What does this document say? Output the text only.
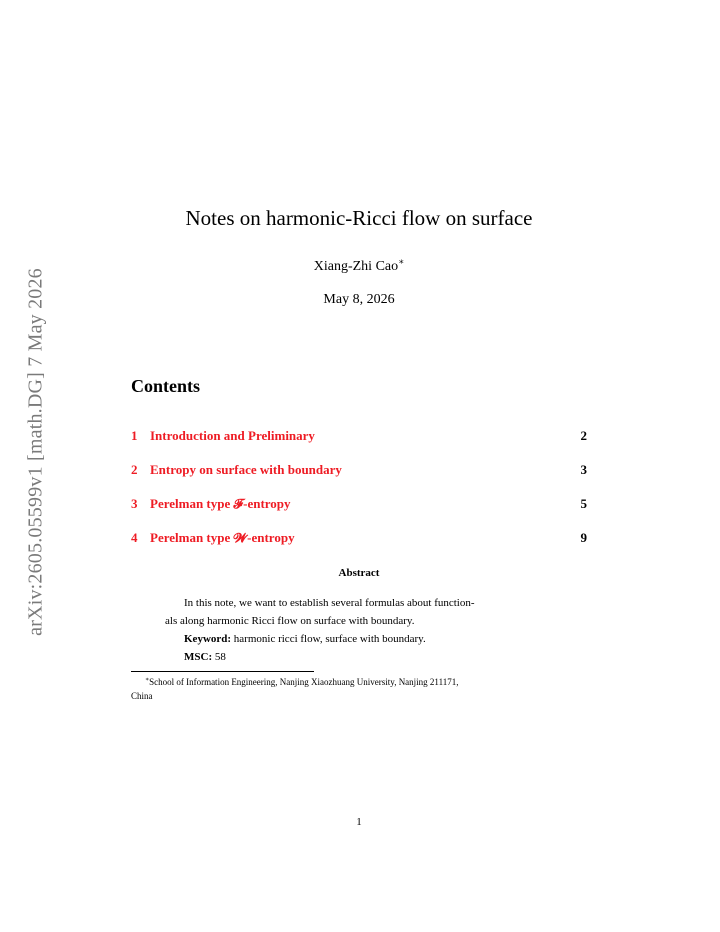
arXiv:2605.05599v1 [math.DG] 7 May 2026
Notes on harmonic-Ricci flow on surface
Xiang-Zhi Cao∗
May 8, 2026
Contents
1 Introduction and Preliminary	2
2 Entropy on surface with boundary	3
3 Perelman type 𝓕-entropy	5
4 Perelman type 𝓦-entropy	9
Abstract
In this note, we want to establish several formulas about function-
als along harmonic Ricci flow on surface with boundary.
Keyword: harmonic ricci flow, surface with boundary.
MSC: 58
∗School of Information Engineering, Nanjing Xiaozhuang University, Nanjing 211171,
China
1
